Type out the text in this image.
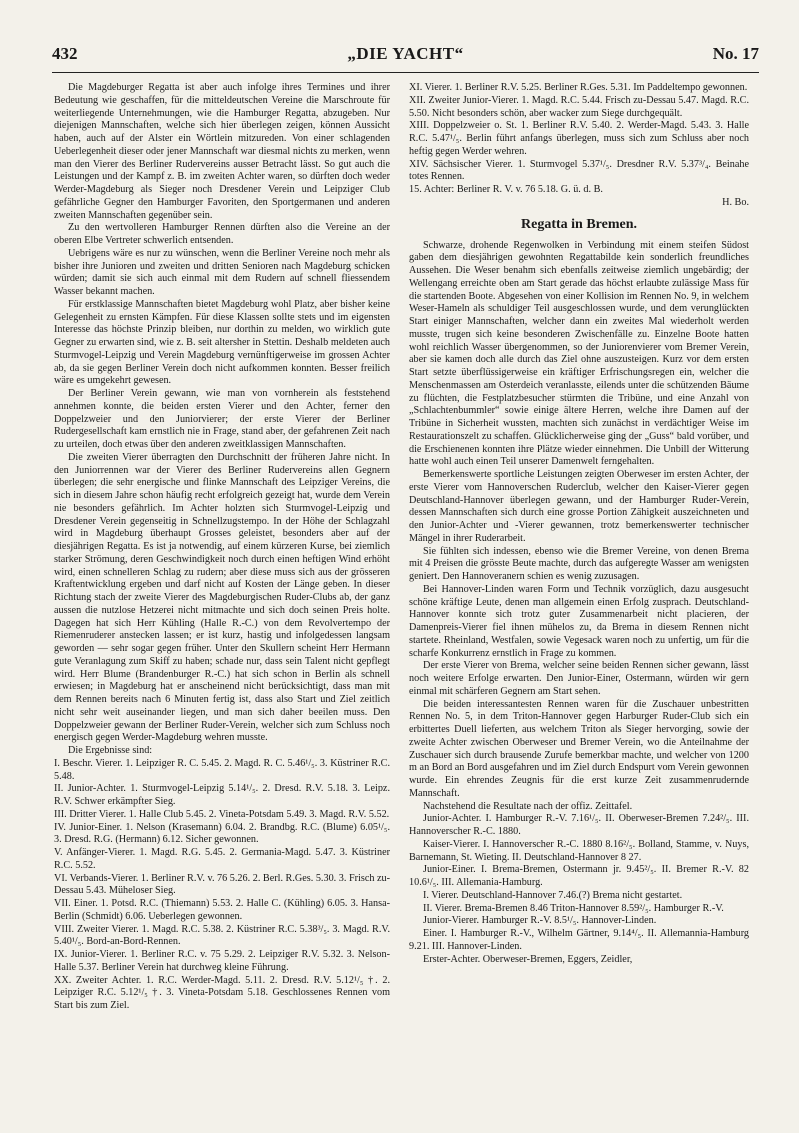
432	„DIE YACHT“	No. 17

Die Magdeburger Regatta ist aber auch infolge ihres Termines und ihrer Bedeutung wie geschaffen, für die mitteldeutschen Vereine die Marschroute für weiterliegende Unternehmungen, wie die Hamburger Regatta, abzugeben. Nur diejenigen Mannschaften, welche sich hier überlegen zeigen, können Aussicht haben, auch auf der Alster ein Wörtlein mitzureden. Von einer schlagenden Ueberlegenheit dieser oder jener Mannschaft war diesmal nichts zu merken, wenn man den Vierer des Berliner Rudervereins ausser Betracht lässt. So gut auch die Leistungen und der Kampf z. B. im zweiten Achter waren, so dürften doch weder Werder-Magdeburg als Sieger noch Dresdener Verein und Leipziger Club gefährliche Gegner den Hamburger Favoriten, den Sportgermanen und anderen zweiten Mannschaften gegenüber sein.

Zu den wertvolleren Hamburger Rennen dürften also die Vereine an der oberen Elbe Vertreter schwerlich entsenden.

Uebrigens wäre es nur zu wünschen, wenn die Berliner Vereine noch mehr als bisher ihre Junioren und zweiten und dritten Senioren nach Magdeburg schicken würden; damit sie sich auch einmal mit dem Rudern auf schnell fliessendem Wasser bekannt machen.

Für erstklassige Mannschaften bietet Magdeburg wohl Platz, aber bisher keine Gelegenheit zu ernsten Kämpfen. Für diese Klassen sollte stets und im eigensten Interesse das höchste Prinzip bleiben, nur dorthin zu melden, wo wirklich gute Gegner zu erwarten sind, wie z. B. seit altersher in Stettin. Deshalb meldeten auch Sturmvogel-Leipzig und Verein Magdeburg vernünftigerweise im grossen Achter ab, da sie gegen Berliner Verein doch nicht aufkommen konnten. Besser freilich wäre es umgekehrt gewesen.

Der Berliner Verein gewann, wie man von vornherein als feststehend annehmen konnte, die beiden ersten Vierer und den Achter, ferner den Doppelzweier und den Juniorvierer; der erste Vierer der Berliner Rudergesellschaft kam ernstlich nie in Frage, stand aber, der gefahrenen Zeit nach zu urteilen, doch etwas über den anderen zweitklassigen Mannschaften.

Die zweiten Vierer überragten den Durchschnitt der früheren Jahre nicht. In den Juniorrennen war der Vierer des Berliner Rudervereins allen Gegnern überlegen; die sehr energische und flinke Mannschaft des Leipziger Vereins, die sich in diesem Jahre schon häufig recht erfolgreich gezeigt hat, wurde dem Verein nie besonders gefährlich. Im Achter holzten sich Sturmvogel-Leipzig und Dresdener Verein gegenseitig in Schnellzugstempo. In der Höhe der Schlagzahl wird in Magdeburg überhaupt Grosses geleistet, besonders aber auf der diesjährigen Regatta. Es ist ja notwendig, auf einem kürzeren Kurse, bei ziemlich starker Strömung, deren Geschwindigkeit noch durch einen heftigen Wind erhöht wird, einen schnelleren Schlag zu rudern; aber diese muss sich aus der grösseren Kraftentwicklung ergeben und darf nicht auf Kosten der Länge geben. In dieser Richtung stach der zweite Vierer des Magdeburgischen Ruder-Clubs ab, der ganz aussen die nutzlose Hetzerei nicht mitmachte und sich doch seinen Preis holte. Dagegen hat sich Herr Kühling (Halle R.-C.) von dem Revolvertempo der Riemenruderer anstecken lassen; er ist kurz, hastig und infolgedessen langsam geworden — sehr sogar gegen früher. Unter den Skullern scheint Herr Hermann gute Veranlagung zum Skiff zu haben; schade nur, dass sein Talent nicht gepflegt wird. Herr Blume (Brandenburger R.-C.) hat sich schon in Berlin als schnell erwiesen; in Magdeburg hat er anscheinend nicht berücksichtigt, dass man mit dem Rennen bereits nach 6 Minuten fertig ist, dass also Start und Ziel zeitlich nicht sehr weit auseinander liegen, und man sich daher beeilen muss. Den Doppelzweier gewann der Berliner Ruder-Verein, welcher sich zum Schluss noch energisch gegen Werder-Magdeburg wehren musste.

Die Ergebnisse sind:

I. Beschr. Vierer. 1. Leipziger R. C. 5.45. 2. Magd. R. C. 5.46¹/₅. 3. Küstriner R.C. 5.48.

II. Junior-Achter. 1. Sturmvogel-Leipzig 5.14¹/₅. 2. Dresd. R.V. 5.18. 3. Leipz. R.V. Schwer erkämpfter Sieg.

III. Dritter Vierer. 1. Halle Club 5.45. 2. Vineta-Potsdam 5.49. 3. Magd. R.V. 5.52.

IV. Junior-Einer. 1. Nelson (Krasemann) 6.04. 2. Brandbg. R.C. (Blume) 6.05¹/₅. 3. Dresd. R.G. (Hermann) 6.12. Sicher gewonnen.

V. Anfänger-Vierer. 1. Magd. R.G. 5.45. 2. Germania-Magd. 5.47. 3. Küstriner R.C. 5.52.

VI. Verbands-Vierer. 1. Berliner R.V. v. 76 5.26. 2. Berl. R.Ges. 5.30. 3. Frisch zu-Dessau 5.43. Müheloser Sieg.

VII. Einer. 1. Potsd. R.C. (Thiemann) 5.53. 2. Halle C. (Kühling) 6.05. 3. Hansa-Berlin (Schmidt) 6.06. Ueberlegen gewonnen.

VIII. Zweiter Vierer. 1. Magd. R.C. 5.38. 2. Küstriner R.C. 5.38³/₅. 3. Magd. R.V. 5.40¹/₅. Bord-an-Bord-Rennen.

IX. Junior-Vierer. 1. Berliner R.C. v. 75 5.29. 2. Leipziger R.V. 5.32. 3. Nelson-Halle 5.37. Berliner Verein hat durchweg kleine Führung.

XX. Zweiter Achter. 1. R.C. Werder-Magd. 5.11. 2. Dresd. R.V. 5.12¹/₅ †. 2. Leipziger R.C. 5.12¹/₅ †. 3. Vineta-Potsdam 5.18. Geschlossenes Rennen vom Start bis zum Ziel.

XI. Vierer. 1. Berliner R.V. 5.25. Berliner R.Ges. 5.31. Im Paddeltempo gewonnen.

XII. Zweiter Junior-Vierer. 1. Magd. R.C. 5.44. Frisch zu-Dessau 5.47. Magd. R.C. 5.50. Nicht besonders schön, aber wacker zum Siege durchgequält.

XIII. Doppelzweier o. St. 1. Berliner R.V. 5.40. 2. Werder-Magd. 5.43. 3. Halle R.C. 5.47¹/₅. Berlin führt anfangs überlegen, muss sich zum Schluss aber noch heftig gegen Werder wehren.

XIV. Sächsischer Vierer. 1. Sturmvogel 5.37¹/₅. Dresdner R.V. 5.37³/₄. Beinahe totes Rennen.

15. Achter: Berliner R. V. v. 76 5.18. G. ü. d. B.

H. Bo.

Regatta in Bremen.

Schwarze, drohende Regenwolken in Verbindung mit einem steifen Südost gaben dem diesjährigen gewohnten Regattabilde kein sonderlich freundliches Aussehen. Die Weser benahm sich ebenfalls zeitweise ziemlich ungebärdig; der Wellengang erreichte oben am Start gerade das höchst erlaubte zulässige Mass für die startenden Boote. Abgesehen von einer Kollision im Rennen No. 9, in welchem Weser-Hameln als schuldiger Teil ausgeschlossen wurde, und dem verunglückten Start einiger Mannschaften, welcher dann ein zweites Mal wiederholt werden musste, trugen sich keine besonderen Zwischenfälle zu. Einzelne Boote hatten wohl reichlich Wasser übergenommen, so der Juniorenvierer vom Bremer Verein, aber sie kamen doch alle durch das Ziel ohne auszusteigen. Kurz vor dem ersten Start setzte überflüssigerweise ein kräftiger Erfrischungsregen ein, welcher die Menschenmassen am Osterdeich veranlasste, eilends unter die schützenden Bäume zu flüchten, die Festplatzbesucher stürmten die Tribüne, und eine Anzahl von „Schlachtenbummler“ sowie einige ältere Herren, welche ihre Damen auf der Tribüne in Sicherheit wussten, machten sich zunächst in verdächtiger Weise im Restaurationszelt zu schaffen. Glücklicherweise ging der „Guss“ bald vorüber, und die Erschienenen konnten ihre Plätze wieder einnehmen. Die Unbill der Witterung hatte wohl auch einen Teil unserer Damenwelt ferngehalten.

Bemerkenswerte sportliche Leistungen zeigten Oberweser im ersten Achter, der erste Vierer vom Hannoverschen Ruderclub, welcher den Kaiser-Vierer gegen Deutschland-Hannover überlegen gewann, und der Hamburger Ruder-Verein, dessen Mannschaften sich durch eine grosse Portion Zähigkeit auszeichneten und den Junior-Achter und -Vierer gewannen, trotz bemerkenswerter technischer Mängel in ihrer Ruderarbeit.

Sie fühlten sich indessen, ebenso wie die Bremer Vereine, von denen Brema mit 4 Preisen die grösste Beute machte, durch das aufgeregte Wasser am wenigsten geniert. Den Hannoveranern schien es wenig zuzusagen.

Bei Hannover-Linden waren Form und Technik vorzüglich, dazu ausgesucht schöne kräftige Leute, denen man allgemein einen Erfolg zusprach. Deutschland-Hannover konnte sich trotz guter Zusammenarbeit nicht placieren, der Damenpreis-Vierer fiel ihnen mühelos zu, da Brema in diesem Rennen nicht startete. Rheinland, Westfalen, sowie Vegesack waren noch zu unfertig, um für die scharfe Konkurrenz ernstlich in Frage zu kommen.

Der erste Vierer von Brema, welcher seine beiden Rennen sicher gewann, lässt noch weitere Erfolge erwarten. Den Junior-Einer, Ostermann, würden wir gern einmal mit schärferen Gegnern am Start sehen.

Die beiden interessantesten Rennen waren für die Zuschauer unbestritten Rennen No. 5, in dem Triton-Hannover gegen Harburger Ruder-Club sich ein erbittertes Duell lieferten, aus welchem Triton als Sieger hervorging, sowie der zweite Achter zwischen Oberweser und Bremer Verein, wo die Anteilnahme der Zuschauer sich durch brausende Zurufe bemerkbar machte, und welcher von 1200 m an Bord an Bord ausgefahren und im Ziel durch Endspurt vom Verein gewonnen wurde. Ein ehrendes Zeugnis für die erst kurze Zeit zusammenrudernde Mannschaft.

Nachstehend die Resultate nach der offiz. Zeittafel.

Junior-Achter. I. Hamburger R.-V. 7.16¹/₅. II. Oberweser-Bremen 7.24²/₅. III. Hannoverscher R.-C. 1880.

Kaiser-Vierer. I. Hannoverscher R.-C. 1880 8.16²/₅. Bolland, Stamme, v. Nuys, Barnemann, St. Wieting. II. Deutschland-Hannover 8 27.

Junior-Einer. I. Brema-Bremen, Ostermann jr. 9.45²/₅. II. Bremer R.-V. 82 10.6¹/₅. III. Allemania-Hamburg.

I. Vierer. Deutschland-Hannover 7.46.(?) Brema nicht gestartet.

II. Vierer. Brema-Bremen 8.46 Triton-Hannover 8.59²/₅. Hamburger R.-V.

Junior-Vierer. Hamburger R.-V. 8.5¹/₅. Hannover-Linden.

Einer. I. Hamburger R.-V., Wilhelm Gärtner, 9.14⁴/₅. II. Allemannia-Hamburg 9.21. III. Hannover-Linden.

Erster-Achter. Oberweser-Bremen, Eggers, Zeidler,
